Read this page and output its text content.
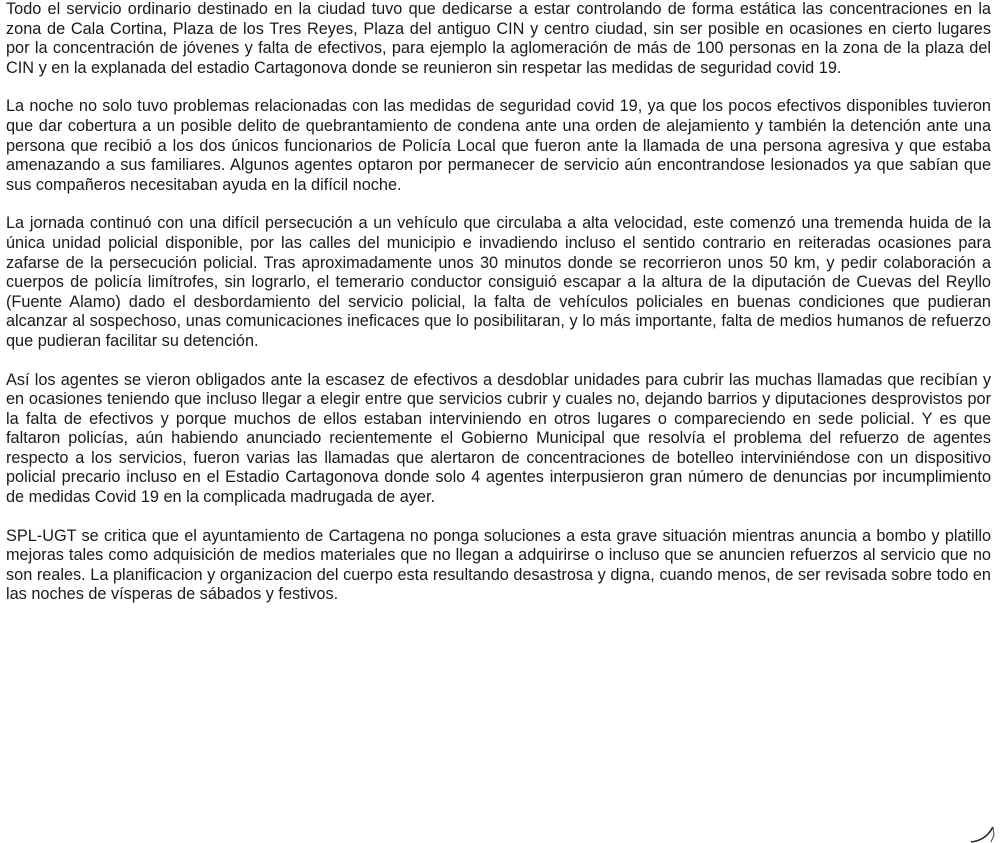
Todo el servicio ordinario destinado en la ciudad tuvo que dedicarse a estar controlando de forma estática las concentraciones en la zona de Cala Cortina, Plaza de los Tres Reyes, Plaza del antiguo CIN y centro ciudad, sin ser posible en ocasiones en cierto lugares por la concentración de jóvenes y falta de efectivos, para ejemplo la aglomeración de más de 100 personas en la zona de la plaza del CIN y en la explanada del estadio Cartagonova donde se reunieron sin respetar las medidas de seguridad covid 19.

La noche no solo tuvo problemas relacionadas con las medidas de seguridad covid 19, ya que los pocos efectivos disponibles tuvieron que dar cobertura a un posible delito de quebrantamiento de condena ante una orden de alejamiento y también la detención ante una persona que recibió a los dos únicos funcionarios de Policía Local que fueron ante la llamada de una persona agresiva y que estaba amenazando a sus familiares. Algunos agentes optaron por permanecer de servicio aún encontrandose lesionados ya que sabían que sus compañeros necesitaban ayuda en la difícil noche.

La jornada continuó con una difícil persecución a un vehículo que circulaba a alta velocidad, este comenzó una tremenda huida de la única unidad policial disponible, por las calles del municipio e invadiendo incluso el sentido contrario en reiteradas ocasiones para zafarse de la persecución policial. Tras aproximadamente unos 30 minutos donde se recorrieron unos 50 km, y pedir colaboración a cuerpos de policía limítrofes, sin lograrlo, el temerario conductor consiguió escapar a la altura de la diputación de Cuevas del Reyllo (Fuente Alamo) dado el desbordamiento del servicio policial, la falta de vehículos policiales en buenas condiciones que pudieran alcanzar al sospechoso, unas comunicaciones ineficaces que lo posibilitaran, y lo más importante, falta de medios humanos de refuerzo que pudieran facilitar su detención.

Así los agentes se vieron obligados ante la escasez de efectivos a desdoblar unidades para cubrir las muchas llamadas que recibían y en ocasiones teniendo que incluso llegar a elegir entre que servicios cubrir y cuales no, dejando barrios y diputaciones desprovistos por la falta de efectivos y porque muchos de ellos estaban interviniendo en otros lugares o compareciendo en sede policial. Y es que faltaron policías, aún habiendo anunciado recientemente el Gobierno Municipal que resolvía el problema del refuerzo de agentes respecto a los servicios, fueron varias las llamadas que alertaron de concentraciones de botelleo interviniéndose con un dispositivo policial precario incluso en el Estadio Cartagonova donde solo 4 agentes interpusieron gran número de denuncias por incumplimiento de medidas Covid 19 en la complicada madrugada de ayer.

SPL-UGT se critica que el ayuntamiento de Cartagena no ponga soluciones a esta grave situación mientras anuncia a bombo y platillo mejoras tales como adquisición de medios materiales que no llegan a adquirirse o incluso que se anuncien refuerzos al servicio que no son reales. La planificacion y organizacion del cuerpo esta resultando desastrosa y digna, cuando menos, de ser revisada sobre todo en las noches de vísperas de sábados y festivos.
